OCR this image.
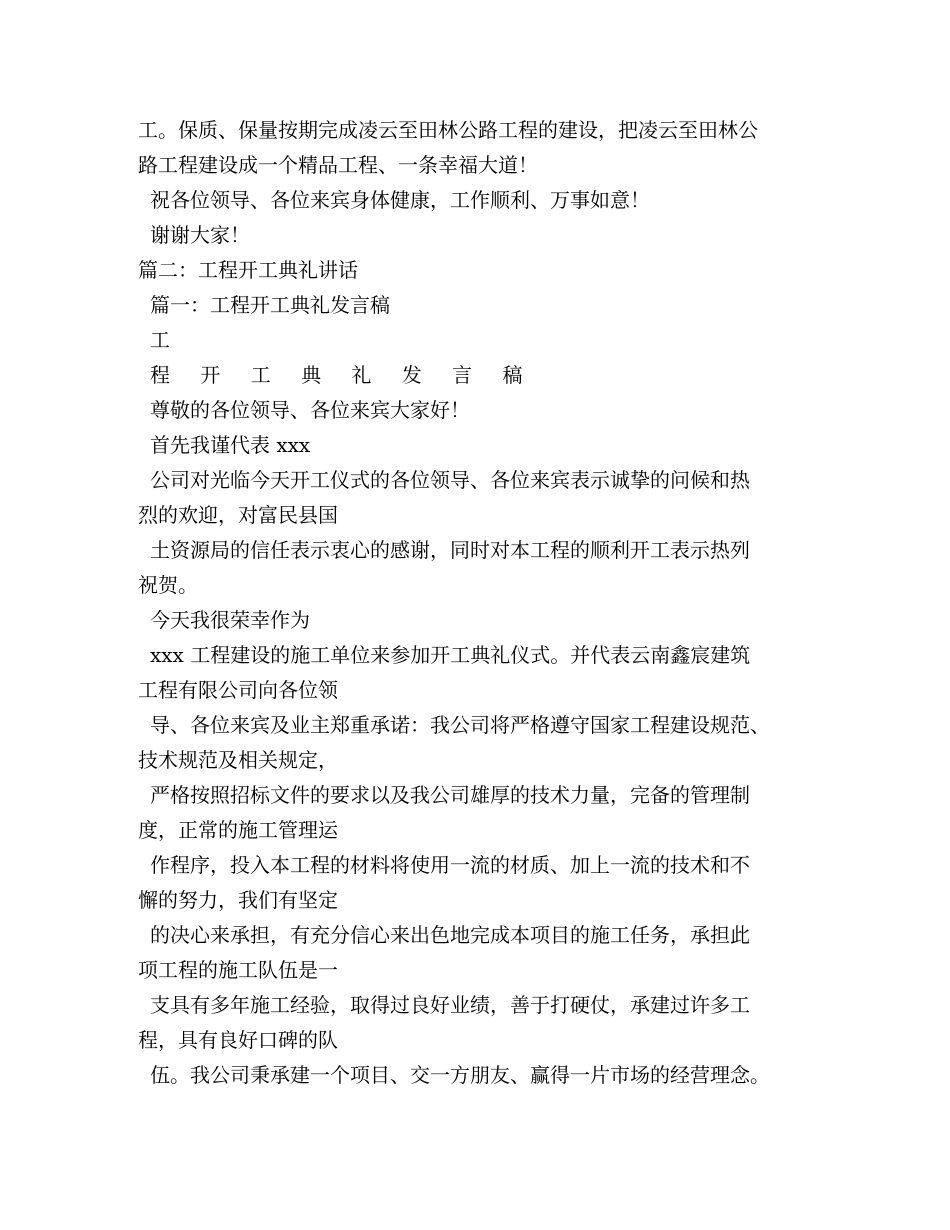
工。保质、保量按期完成凌云至田林公路工程的建设，把凌云至田林公
路工程建设成一个精品工程、一条幸福大道！
祝各位领导、各位来宾身体健康，工作顺利、万事如意！
谢谢大家！
篇二：工程开工典礼讲话
篇一：工程开工典礼发言稿
工
程 开 工 典 礼 发 言 稿
尊敬的各位领导、各位来宾大家好！
首先我谨代表 xxx
公司对光临今天开工仪式的各位领导、各位来宾表示诚挚的问候和热
烈的欢迎，对富民县国
土资源局的信任表示衷心的感谢，同时对本工程的顺利开工表示热列
祝贺。
今天我很荣幸作为
xxx 工程建设的施工单位来参加开工典礼仪式。并代表云南鑫宸建筑
工程有限公司向各位领
导、各位来宾及业主郑重承诺：我公司将严格遵守国家工程建设规范、
技术规范及相关规定，
严格按照招标文件的要求以及我公司雄厚的技术力量，完备的管理制
度，正常的施工管理运
作程序，投入本工程的材料将使用一流的材质、加上一流的技术和不
懈的努力，我们有坚定
的决心来承担，有充分信心来出色地完成本项目的施工任务，承担此
项工程的施工队伍是一
支具有多年施工经验，取得过良好业绩，善于打硬仗，承建过许多工
程，具有良好口碑的队
伍。我公司秉承建一个项目、交一方朋友、赢得一片市场的经营理念。
